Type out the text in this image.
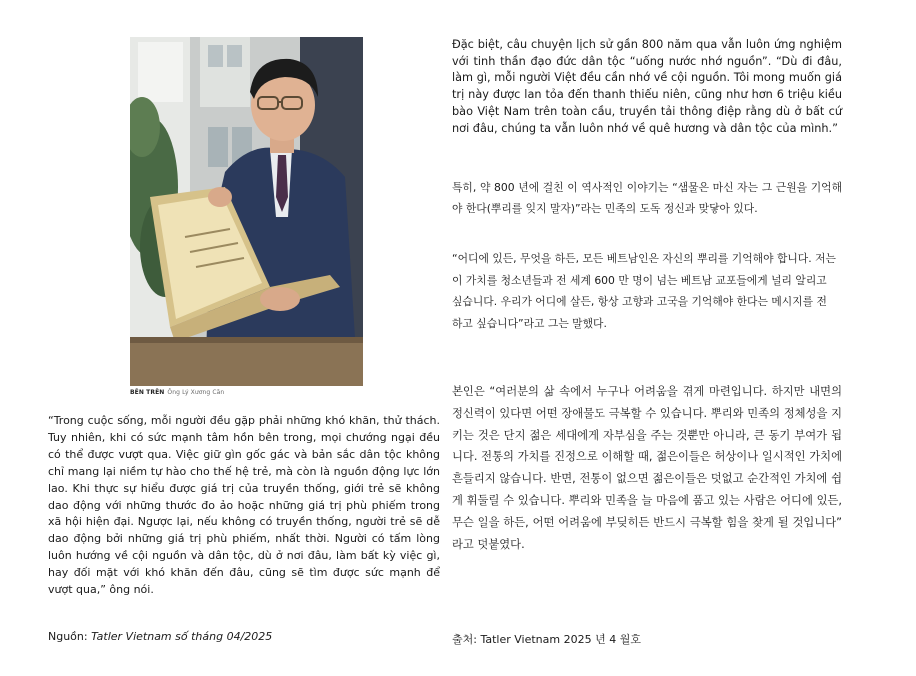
BÊN TRÊN Ông Lý Xương Căn

“Trong cuộc sống, mỗi người đều gặp phải những khó khăn, thử thách. Tuy nhiên, khi có sức mạnh tâm hồn bên trong, mọi chướng ngại đều có thể được vượt qua. Việc giữ gìn gốc gác và bản sắc dân tộc không chỉ mang lại niềm tự hào cho thế hệ trẻ, mà còn là nguồn động lực lớn lao. Khi thực sự hiểu được giá trị của truyền thống, giới trẻ sẽ không dao động với những thước đo ảo hoặc những giá trị phù phiếm trong xã hội hiện đại. Ngược lại, nếu không có truyền thống, người trẻ sẽ dễ dao động bởi những giá trị phù phiếm, nhất thời. Người có tấm lòng luôn hướng về cội nguồn và dân tộc, dù ở nơi đâu, làm bất kỳ việc gì, hay đối mặt với khó khăn đến đâu, cũng sẽ tìm được sức mạnh để vượt qua,” ông nói.

Nguồn: Tatler Vietnam số tháng 04/2025

Đặc biệt, câu chuyện lịch sử gần 800 năm qua vẫn luôn ứng nghiệm với tinh thần đạo đức dân tộc “uống nước nhớ nguồn”. “Dù đi đâu, làm gì, mỗi người Việt đều cần nhớ về cội nguồn. Tôi mong muốn giá trị này được lan tỏa đến thanh thiếu niên, cũng như hơn 6 triệu kiều bào Việt Nam trên toàn cầu, truyền tải thông điệp rằng dù ở bất cứ nơi đâu, chúng ta vẫn luôn nhớ về quê hương và dân tộc của mình.”

특히, 약 800 년에 걸친 이 역사적인 이야기는 “샘물은 마신 자는 그 근원을 기억해야 한다(뿌리를 잊지 말자)”라는 민족의 도독 정신과 맞닿아 있다.

“어디에 있든, 무엇을 하든, 모든 베트남인은 자신의 뿌리를 기억해야 합니다. 저는 이 가치를 청소년들과 전 세계 600 만 명이 넘는 베트남 교포들에게 널리 알리고 싶습니다. 우리가 어디에 살든, 항상 고향과 고국을 기억해야 한다는 메시지를 전하고 싶습니다”라고 그는 말했다.

본인은 “여러분의 삶 속에서 누구나 어려움을 겪게 마련입니다. 하지만 내면의 정신력이 있다면 어떤 장애물도 극복할 수 있습니다. 뿌리와 민족의 정체성을 지키는 것은 단지 젊은 세대에게 자부심을 주는 것뿐만 아니라, 큰 동기 부여가 됩니다. 전통의 가치를 진정으로 이해할 때, 젊은이들은 허상이나 일시적인 가치에 흔들리지 않습니다. 반면, 전통이 없으면 젊은이들은 덧없고 순간적인 가치에 쉽게 휘둘릴 수 있습니다. 뿌리와 민족을 늘 마음에 품고 있는 사람은 어디에 있든, 무슨 일을 하든, 어떤 어려움에 부딪히든 반드시 극복할 힘을 찾게 될 것입니다” 라고 덧붙였다.

출처: Tatler Vietnam 2025 년 4 월호
